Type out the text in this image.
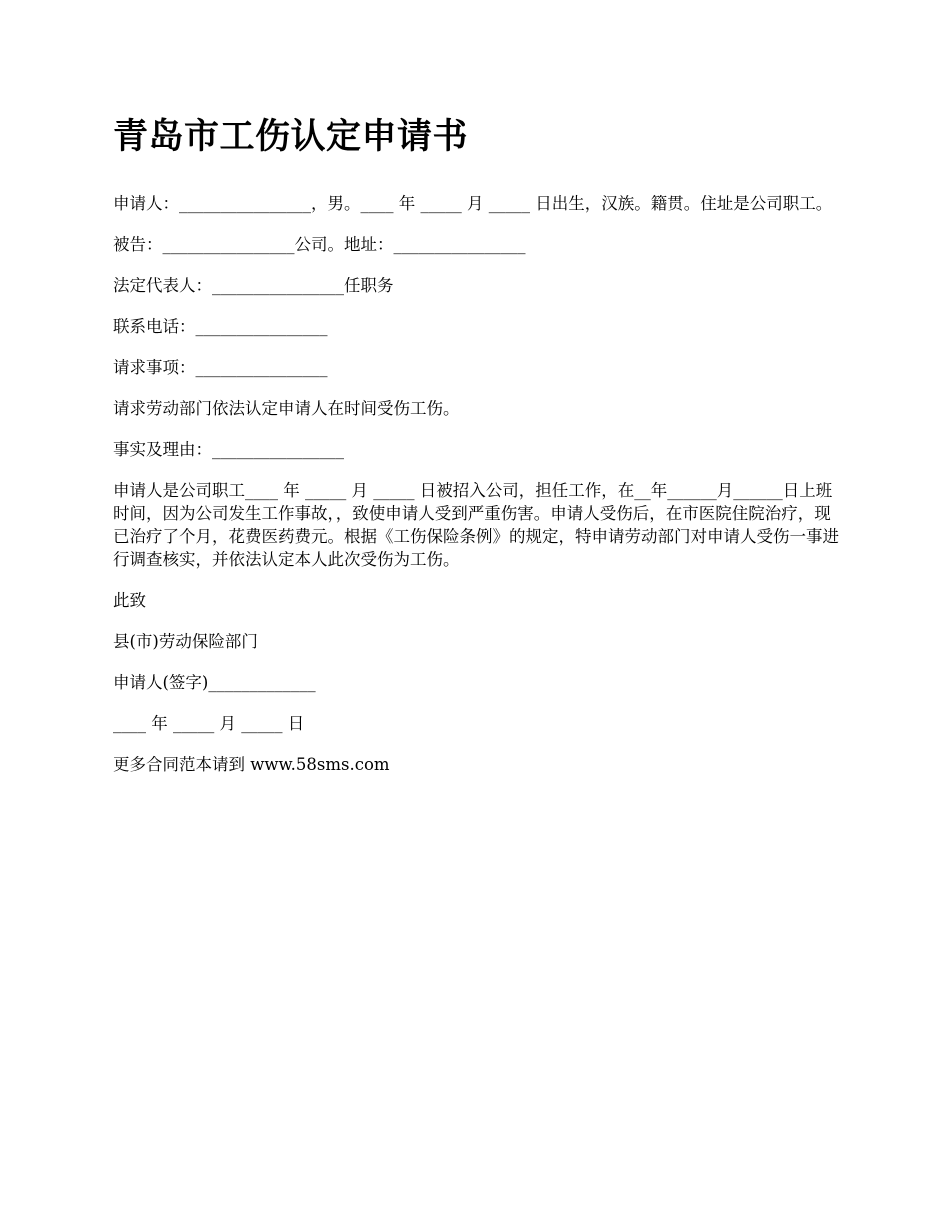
青岛市工伤认定申请书

申请人：________________，男。____ 年 _____ 月 _____ 日出生，汉族。籍贯。住址是公司职工。

被告：________________公司。地址：________________

法定代表人：________________任职务

联系电话：________________

请求事项：________________

请求劳动部门依法认定申请人在时间受伤工伤。

事实及理由：________________

申请人是公司职工____ 年 _____ 月 _____ 日被招入公司，担任工作，在__年______月______日上班时间，因为公司发生工作事故，，致使申请人受到严重伤害。申请人受伤后，在市医院住院治疗，现已治疗了个月，花费医药费元。根据《工伤保险条例》的规定，特申请劳动部门对申请人受伤一事进行调查核实，并依法认定本人此次受伤为工伤。

此致

县(市)劳动保险部门

申请人(签字)_____________

____ 年 _____ 月 _____ 日

更多合同范本请到 www.58sms.com
